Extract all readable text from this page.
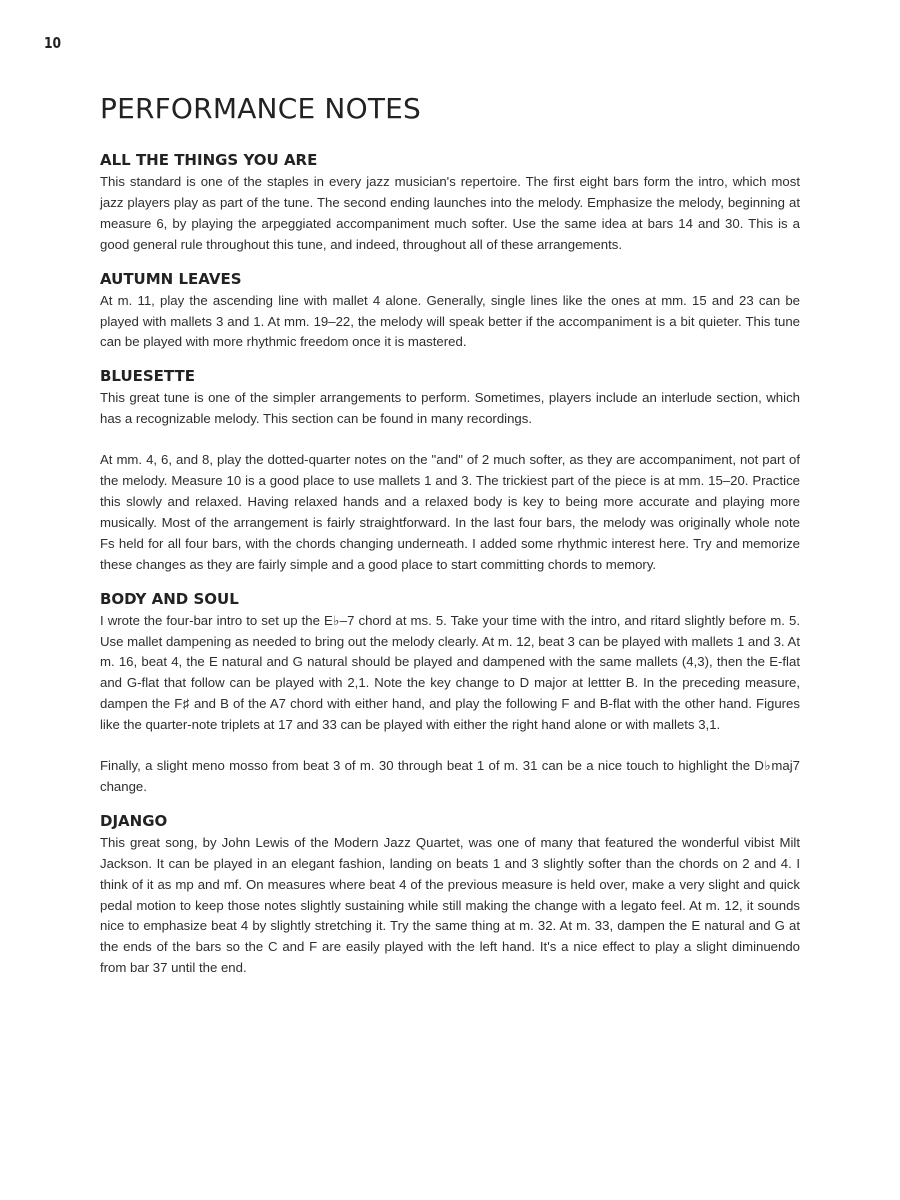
10
PERFORMANCE NOTES
ALL THE THINGS YOU ARE

This standard is one of the staples in every jazz musician's repertoire. The first eight bars form the intro, which most jazz players play as part of the tune. The second ending launches into the melody. Emphasize the melody, beginning at measure 6, by playing the arpeggiated accompaniment much softer. Use the same idea at bars 14 and 30. This is a good general rule throughout this tune, and indeed, throughout all of these arrangements.

AUTUMN LEAVES

At m. 11, play the ascending line with mallet 4 alone. Generally, single lines like the ones at mm. 15 and 23 can be played with mallets 3 and 1. At mm. 19–22, the melody will speak better if the accompaniment is a bit quieter. This tune can be played with more rhythmic freedom once it is mastered.

BLUESETTE

This great tune is one of the simpler arrangements to perform. Sometimes, players include an interlude section, which has a recognizable melody. This section can be found in many recordings.

At mm. 4, 6, and 8, play the dotted-quarter notes on the "and" of 2 much softer, as they are accompaniment, not part of the melody. Measure 10 is a good place to use mallets 1 and 3. The trickiest part of the piece is at mm. 15–20. Practice this slowly and relaxed. Having relaxed hands and a relaxed body is key to being more accurate and playing more musically. Most of the arrangement is fairly straightforward. In the last four bars, the melody was originally whole note Fs held for all four bars, with the chords changing underneath. I added some rhythmic interest here. Try and memorize these changes as they are fairly simple and a good place to start committing chords to memory.

BODY AND SOUL

I wrote the four-bar intro to set up the E♭–7 chord at ms. 5. Take your time with the intro, and ritard slightly before m. 5. Use mallet dampening as needed to bring out the melody clearly. At m. 12, beat 3 can be played with mallets 1 and 3. At m. 16, beat 4, the E natural and G natural should be played and dampened with the same mallets (4,3), then the E-flat and G-flat that follow can be played with 2,1. Note the key change to D major at lettter B. In the preceding measure, dampen the F♯ and B of the A7 chord with either hand, and play the following F and B-flat with the other hand. Figures like the quarter-note triplets at 17 and 33 can be played with either the right hand alone or with mallets 3,1.

Finally, a slight meno mosso from beat 3 of m. 30 through beat 1 of m. 31 can be a nice touch to highlight the D♭maj7 change.

DJANGO

This great song, by John Lewis of the Modern Jazz Quartet, was one of many that featured the wonderful vibist Milt Jackson. It can be played in an elegant fashion, landing on beats 1 and 3 slightly softer than the chords on 2 and 4. I think of it as mp and mf. On measures where beat 4 of the previous measure is held over, make a very slight and quick pedal motion to keep those notes slightly sustaining while still making the change with a legato feel. At m. 12, it sounds nice to emphasize beat 4 by slightly stretching it. Try the same thing at m. 32. At m. 33, dampen the E natural and G at the ends of the bars so the C and F are easily played with the left hand. It's a nice effect to play a slight diminuendo from bar 37 until the end.
